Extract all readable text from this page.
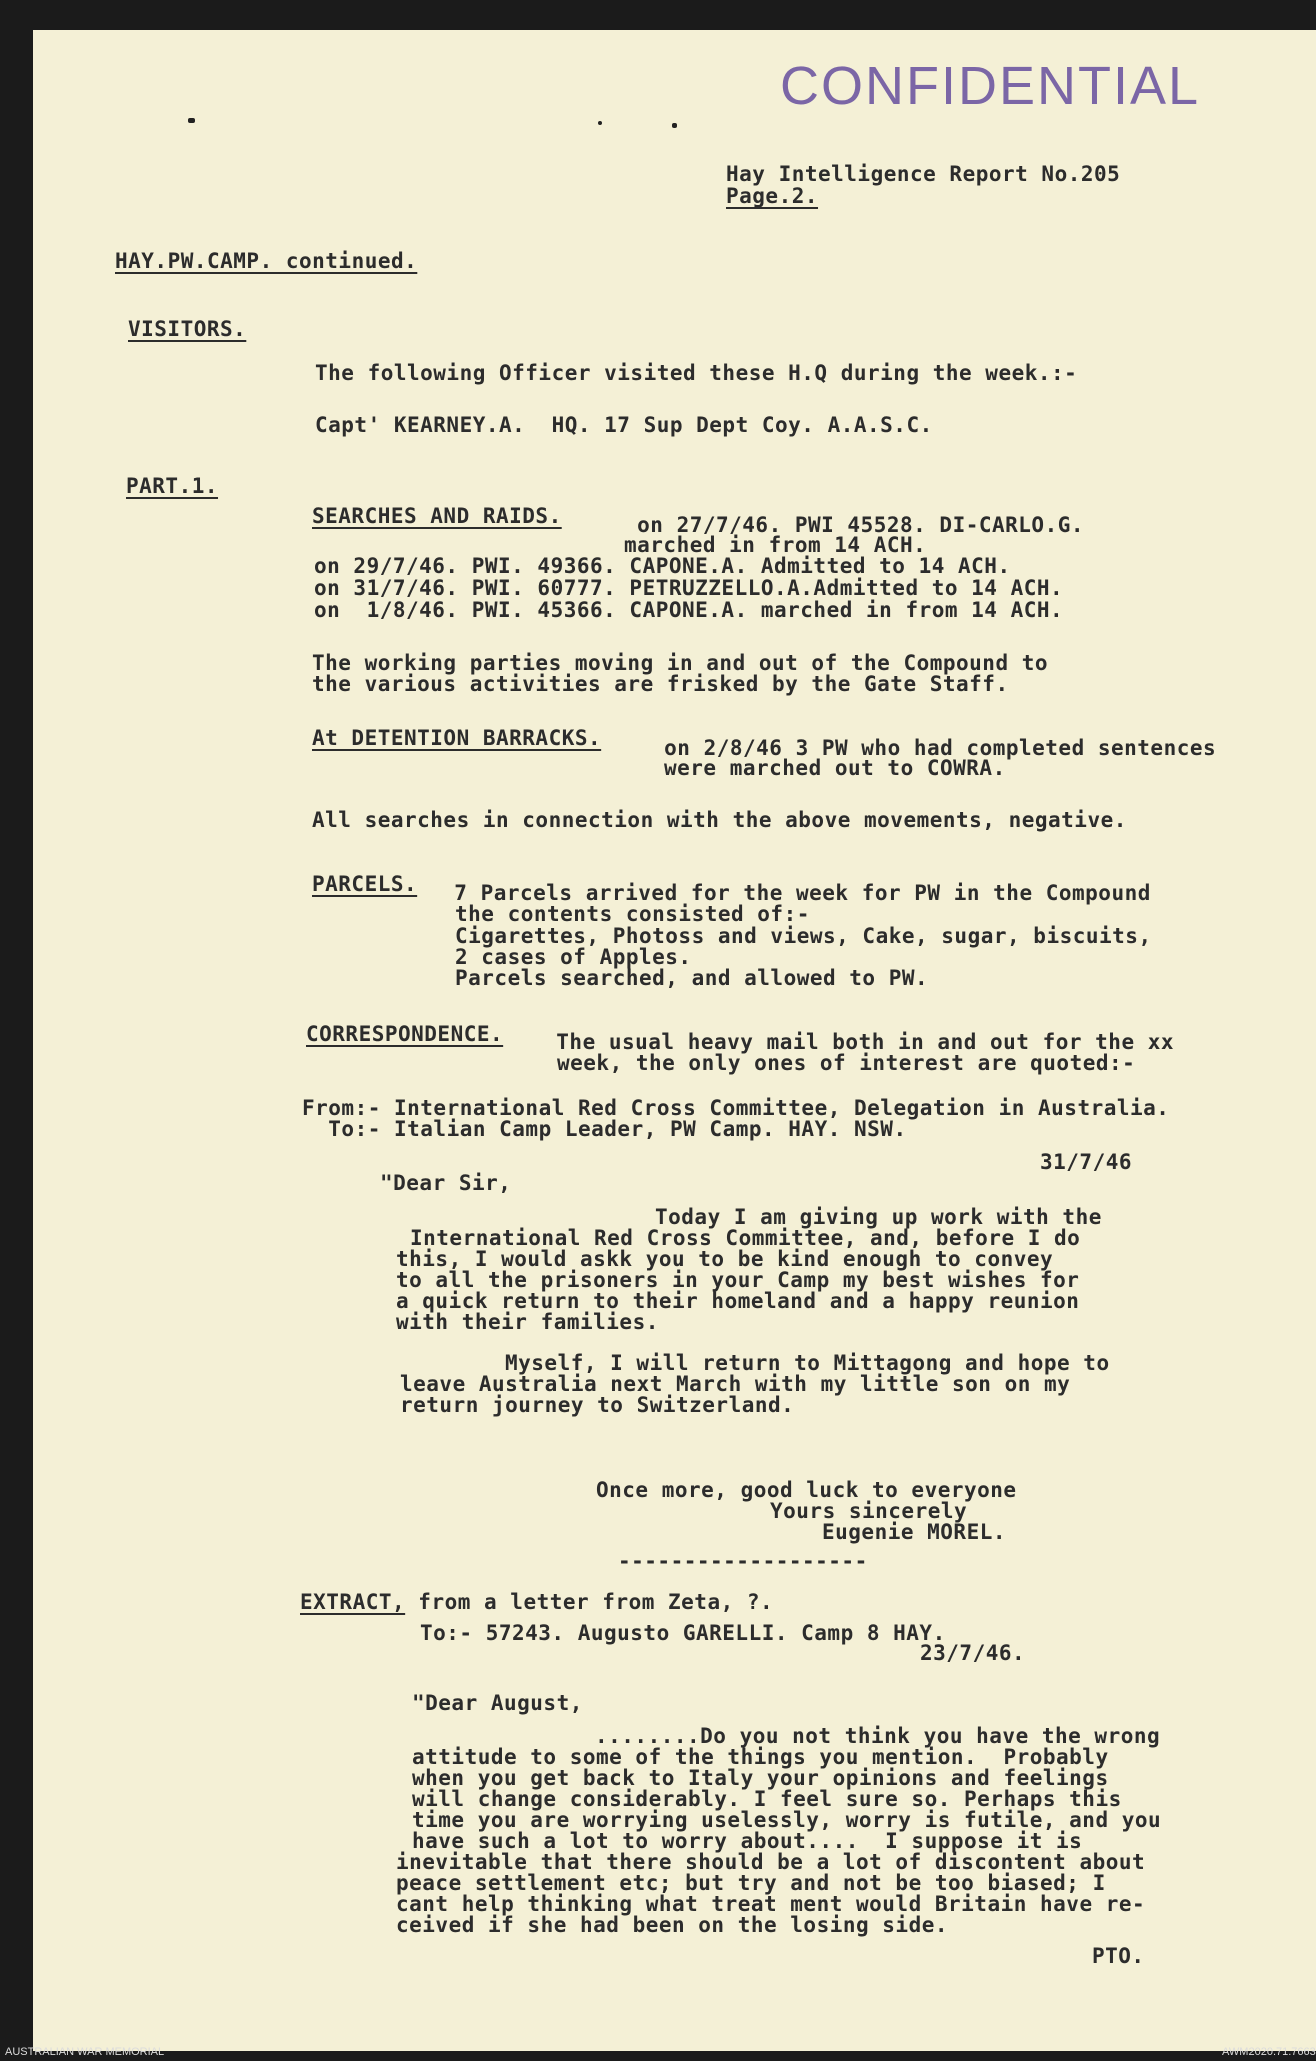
CONFIDENTIAL
Hay Intelligence Report No.205
Page.2.
HAY.PW.CAMP. continued.
VISITORS.
The following Officer visited these H.Q during the week.:-
Capt' KEARNEY.A.  HQ. 17 Sup Dept Coy. A.A.S.C.
PART.1.
SEARCHES AND RAIDS.	on 27/7/46. PWI 45528. DI-CARLO.G.
marched in from 14 ACH.
on 29/7/46. PWI. 49366. CAPONE.A. Admitted to 14 ACH.
on 31/7/46. PWI. 60777. PETRUZZELLO.A.Admitted to 14 ACH.
on  1/8/46. PWI. 45366. CAPONE.A. marched in from 14 ACH.
The working parties moving in and out of the Compound to
the various activities are frisked by the Gate Staff.
At DETENTION BARRACKS. on 2/8/46 3 PW who had completed sentences
were marched out to COWRA.
All searches in connection with the above movements, negative.
PARCELS. 7 Parcels arrived for the week for PW in the Compound
the contents consisted of:-
Cigarettes, Photoss and views, Cake, sugar, biscuits,
2 cases of Apples.
Parcels searched, and allowed to PW.
CORRESPONDENCE. The usual heavy mail both in and out for the xx
week, the only ones of interest are quoted:-
From:- International Red Cross Committee, Delegation in Australia.
To:- Italian Camp Leader, PW Camp. HAY. NSW.
31/7/46
"Dear Sir,
Today I am giving up work with the
International Red Cross Committee, and, before I do
this, I would askk you to be kind enough to convey
to all the prisoners in your Camp my best wishes for
a quick return to their homeland and a happy reunion
with their families.
Myself, I will return to Mittagong and hope to
leave Australia next March with my little son on my
return journey to Switzerland.
Once more, good luck to everyone
Yours sincerely
Eugenie MOREL.
-------------------
EXTRACT, from a letter from Zeta, ?.
To:- 57243. Augusto GARELLI. Camp 8 HAY.
23/7/46.
"Dear August,
........Do you not think you have the wrong
attitude to some of the things you mention.  Probably
when you get back to Italy your opinions and feelings
will change considerably. I feel sure so. Perhaps this
time you are worrying uselessly, worry is futile, and you
have such a lot to worry about....  I suppose it is
inevitable that there should be a lot of discontent about
peace settlement etc; but try and not be too biased; I
cant help thinking what treat ment would Britain have re-
ceived if she had been on the losing side.
PTO.
AUSTRALIAN WAR MEMORIAL	AWM2020.71.7663
